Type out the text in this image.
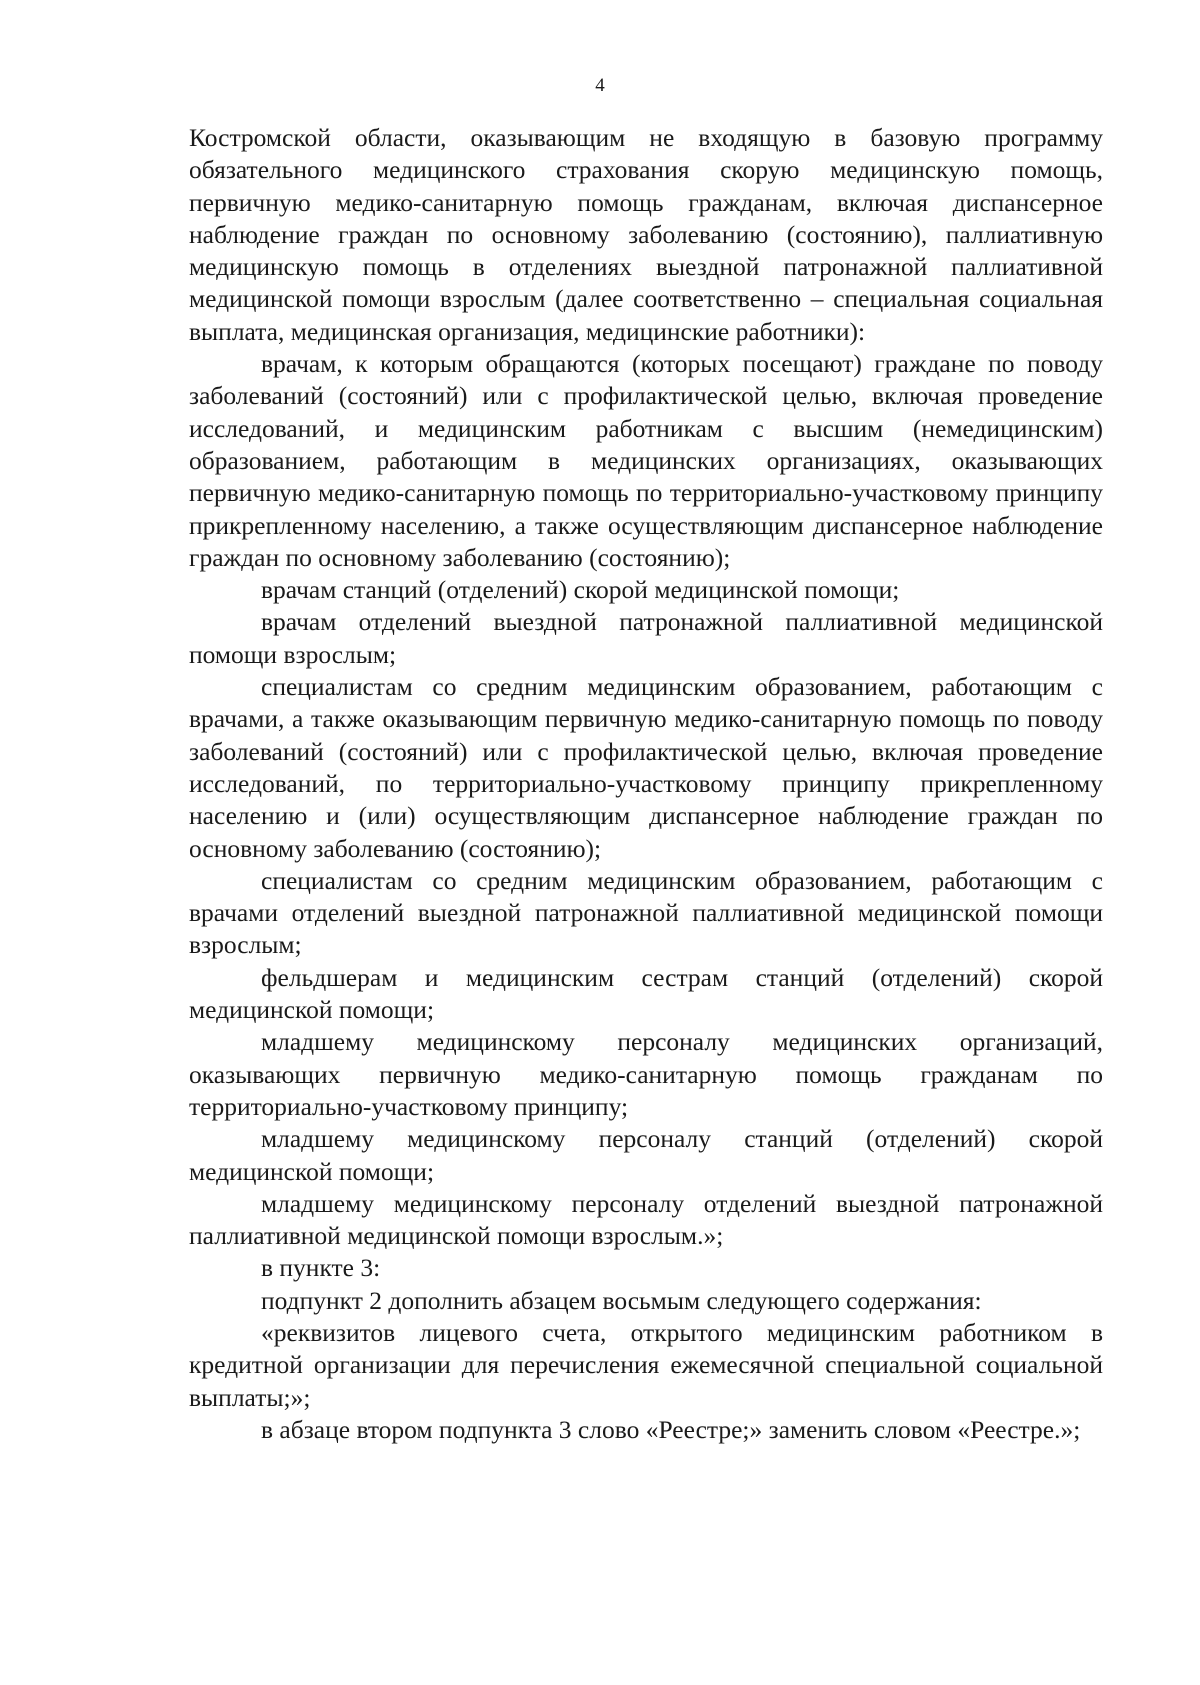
4

Костромской области, оказывающим не входящую в базовую программу обязательного медицинского страхования скорую медицинскую помощь, первичную медико-санитарную помощь гражданам, включая диспансерное наблюдение граждан по основному заболеванию (состоянию), паллиативную медицинскую помощь в отделениях выездной патронажной паллиативной медицинской помощи взрослым (далее соответственно – специальная социальная выплата, медицинская организация, медицинские работники):

врачам, к которым обращаются (которых посещают) граждане по поводу заболеваний (состояний) или с профилактической целью, включая проведение исследований, и медицинским работникам с высшим (немедицинским) образованием, работающим в медицинских организациях, оказывающих первичную медико-санитарную помощь по территориально-участковому принципу прикрепленному населению, а также осуществляющим диспансерное наблюдение граждан по основному заболеванию (состоянию);

врачам станций (отделений) скорой медицинской помощи;

врачам отделений выездной патронажной паллиативной медицинской помощи взрослым;

специалистам со средним медицинским образованием, работающим с врачами, а также оказывающим первичную медико-санитарную помощь по поводу заболеваний (состояний) или с профилактической целью, включая проведение исследований, по территориально-участковому принципу прикрепленному населению и (или) осуществляющим диспансерное наблюдение граждан по основному заболеванию (состоянию);

специалистам со средним медицинским образованием, работающим с врачами отделений выездной патронажной паллиативной медицинской помощи взрослым;

фельдшерам и медицинским сестрам станций (отделений) скорой медицинской помощи;

младшему медицинскому персоналу медицинских организаций, оказывающих первичную медико-санитарную помощь гражданам по территориально-участковому принципу;

младшему медицинскому персоналу станций (отделений) скорой медицинской помощи;

младшему медицинскому персоналу отделений выездной патронажной паллиативной медицинской помощи взрослым.»;

в пункте 3:

подпункт 2 дополнить абзацем восьмым следующего содержания:

«реквизитов лицевого счета, открытого медицинским работником в кредитной организации для перечисления ежемесячной специальной социальной выплаты;»;

в абзаце втором подпункта 3 слово «Реестре;» заменить словом «Реестре.»;
